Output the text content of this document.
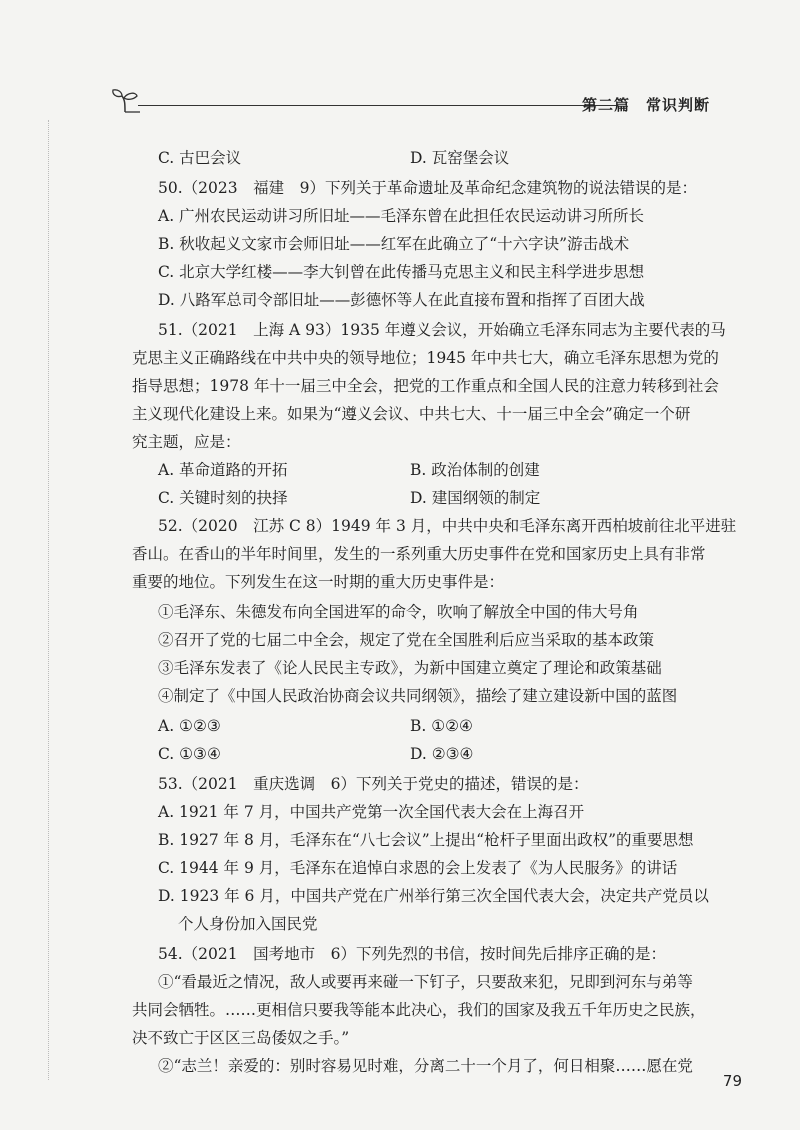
第二篇　常识判断
C. 古巴会议	D. 瓦窑堡会议
50.（2023　福建　9）下列关于革命遗址及革命纪念建筑物的说法错误的是：
A. 广州农民运动讲习所旧址——毛泽东曾在此担任农民运动讲习所所长
B. 秋收起义文家市会师旧址——红军在此确立了“十六字诀”游击战术
C. 北京大学红楼——李大钊曾在此传播马克思主义和民主科学进步思想
D. 八路军总司令部旧址——彭德怀等人在此直接布置和指挥了百团大战
51.（2021　上海 A 93）1935 年遵义会议，开始确立毛泽东同志为主要代表的马
克思主义正确路线在中共中央的领导地位；1945 年中共七大，确立毛泽东思想为党的
指导思想；1978 年十一届三中全会，把党的工作重点和全国人民的注意力转移到社会
主义现代化建设上来。如果为“遵义会议、中共七大、十一届三中全会”确定一个研
究主题，应是：
A. 革命道路的开拓	B. 政治体制的创建
C. 关键时刻的抉择	D. 建国纲领的制定
52.（2020　江苏 C 8）1949 年 3 月，中共中央和毛泽东离开西柏坡前往北平进驻
香山。在香山的半年时间里，发生的一系列重大历史事件在党和国家历史上具有非常
重要的地位。下列发生在这一时期的重大历史事件是：
①毛泽东、朱德发布向全国进军的命令，吹响了解放全中国的伟大号角
②召开了党的七届二中全会，规定了党在全国胜利后应当采取的基本政策
③毛泽东发表了《论人民民主专政》，为新中国建立奠定了理论和政策基础
④制定了《中国人民政治协商会议共同纲领》，描绘了建立建设新中国的蓝图
A. ①②③	B. ①②④
C. ①③④	D. ②③④
53.（2021　重庆选调　6）下列关于党史的描述，错误的是：
A. 1921 年 7 月，中国共产党第一次全国代表大会在上海召开
B. 1927 年 8 月，毛泽东在“八七会议”上提出“枪杆子里面出政权”的重要思想
C. 1944 年 9 月，毛泽东在追悼白求恩的会上发表了《为人民服务》的讲话
D. 1923 年 6 月，中国共产党在广州举行第三次全国代表大会，决定共产党员以
个人身份加入国民党
54.（2021　国考地市　6）下列先烈的书信，按时间先后排序正确的是：
①“看最近之情况，敌人或要再来碰一下钉子，只要敌来犯，兄即到河东与弟等
共同会牺牲。……更相信只要我等能本此决心，我们的国家及我五千年历史之民族，
决不致亡于区区三岛倭奴之手。”
②“志兰！亲爱的：别时容易见时难，分离二十一个月了，何日相聚……愿在党
79
